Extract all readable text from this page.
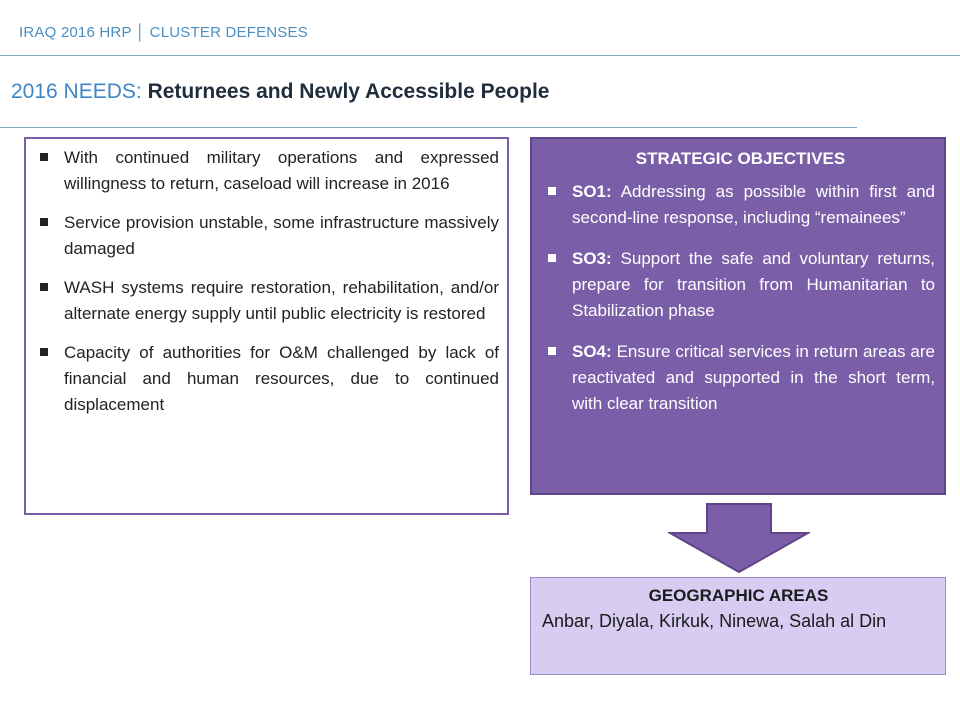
IRAQ 2016 HRP │ CLUSTER DEFENSES
2016 NEEDS: Returnees and Newly Accessible People
With continued military operations and expressed willingness to return, caseload will increase in 2016
Service provision unstable, some infrastructure massively damaged
WASH systems require restoration, rehabilitation, and/or alternate energy supply until public electricity is restored
Capacity of authorities for O&M challenged by lack of financial and human resources, due to continued displacement
STRATEGIC OBJECTIVES
SO1: Addressing as possible within first and second-line response, including “remainees”
SO3: Support the safe and voluntary returns, prepare for transition from Humanitarian to Stabilization phase
SO4: Ensure critical services in return areas are reactivated and supported in the short term, with clear transition
GEOGRAPHIC AREAS
Anbar, Diyala, Kirkuk, Ninewa, Salah al Din
